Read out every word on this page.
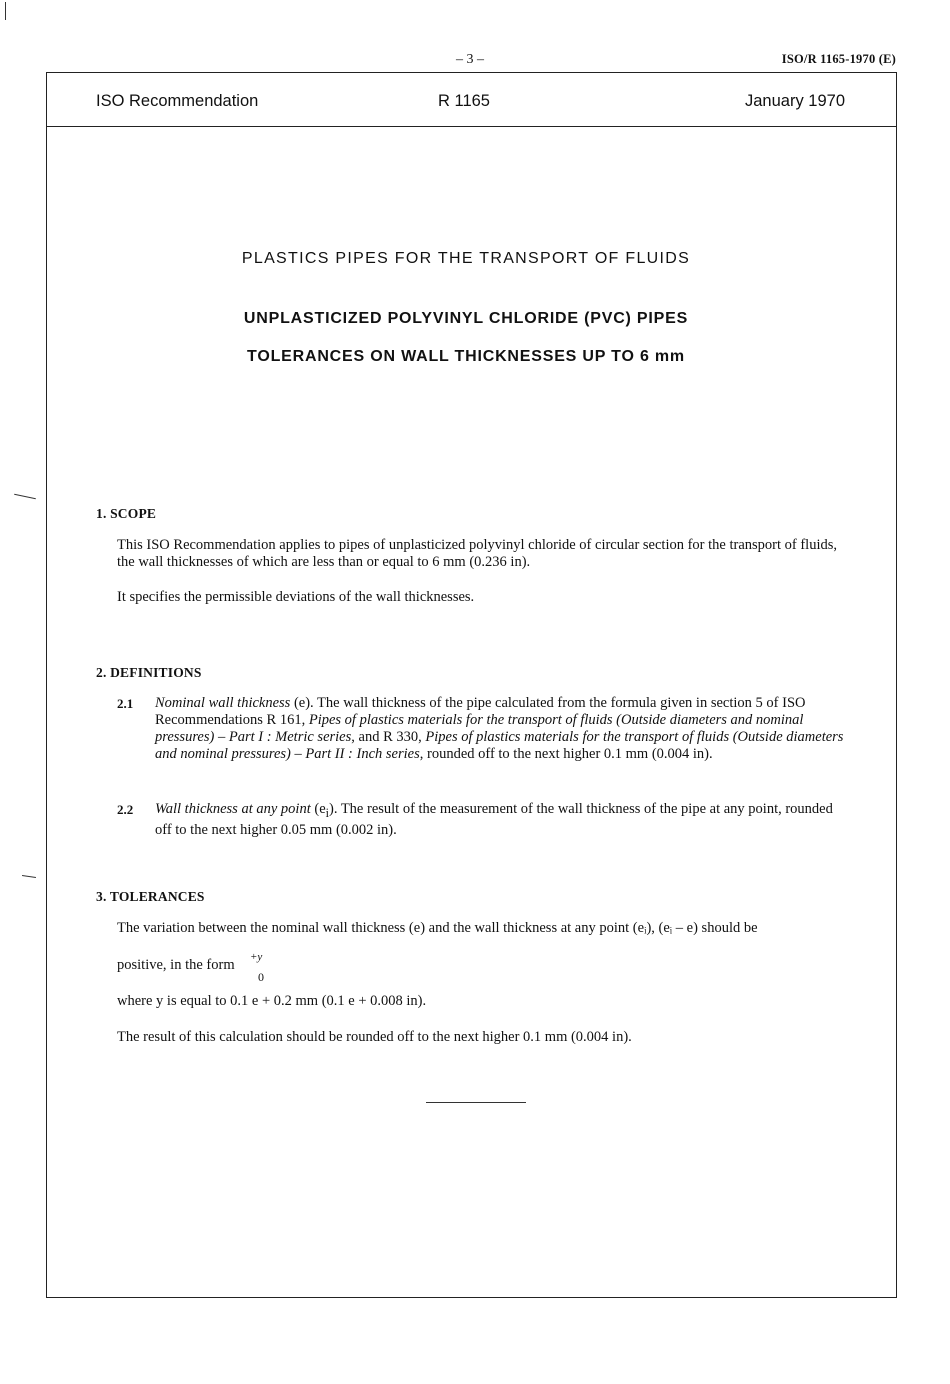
– 3 –	ISO/R 1165-1970 (E)
ISO Recommendation	R 1165	January 1970
PLASTICS PIPES FOR THE TRANSPORT OF FLUIDS
UNPLASTICIZED POLYVINYL CHLORIDE (PVC) PIPES
TOLERANCES ON WALL THICKNESSES UP TO 6 mm
1. SCOPE
This ISO Recommendation applies to pipes of unplasticized polyvinyl chloride of circular section for the transport of fluids, the wall thicknesses of which are less than or equal to 6 mm (0.236 in).
It specifies the permissible deviations of the wall thicknesses.
2. DEFINITIONS
2.1 Nominal wall thickness (e). The wall thickness of the pipe calculated from the formula given in section 5 of ISO Recommendations R 161, Pipes of plastics materials for the transport of fluids (Outside diameters and nominal pressures) – Part I : Metric series, and R 330, Pipes of plastics materials for the transport of fluids (Outside diameters and nominal pressures) – Part II : Inch series, rounded off to the next higher 0.1 mm (0.004 in).
2.2 Wall thickness at any point $(e_i)$. The result of the measurement of the wall thickness of the pipe at any point, rounded off to the next higher 0.05 mm (0.002 in).
3. TOLERANCES
The variation between the nominal wall thickness (e) and the wall thickness at any point (eᵢ), (eᵢ – e) should be
positive, in the form	+y
0
where y is equal to 0.1 e + 0.2 mm (0.1 e + 0.008 in).
The result of this calculation should be rounded off to the next higher 0.1 mm (0.004 in).
